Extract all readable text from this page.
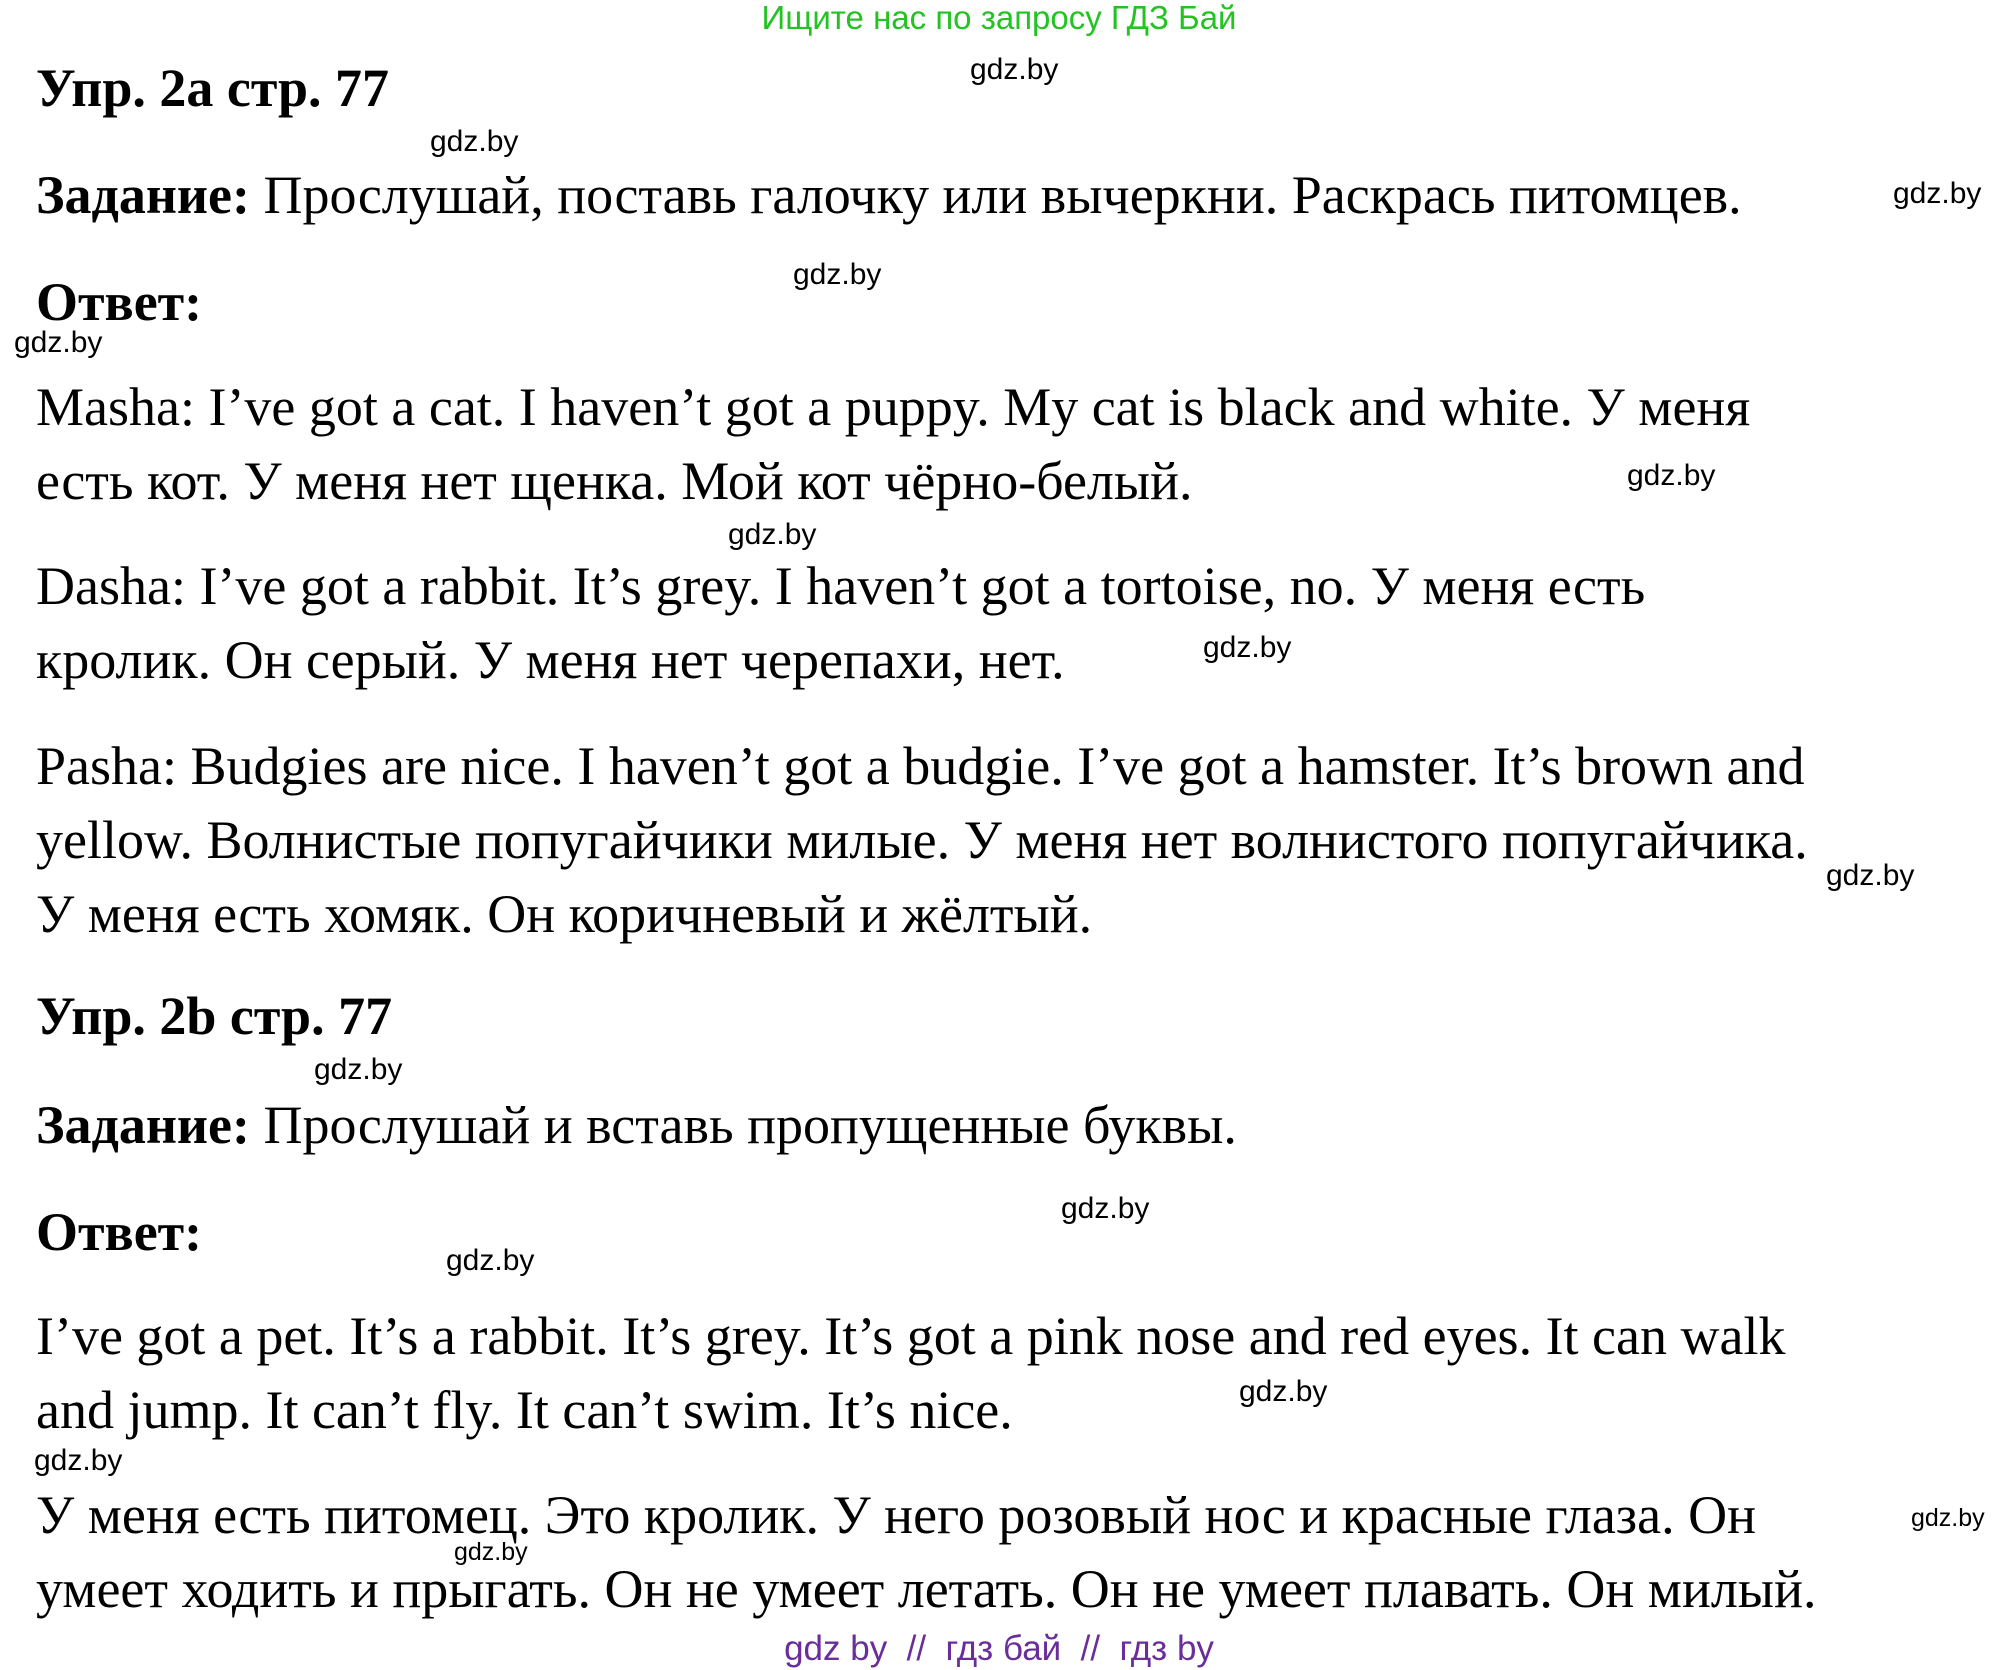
Ищите нас по запросу ГДЗ Бай
Упр. 2a стр. 77
Задание: Прослушай, поставь галочку или вычеркни. Раскрась питомцев.
Ответ:
Masha: I’ve got a cat. I haven’t got a puppy. My cat is black and white. У меня
есть кот. У меня нет щенка. Мой кот чёрно-белый.
Dasha: I’ve got a rabbit. It’s grey. I haven’t got a tortoise, no. У меня есть
кролик. Он серый. У меня нет черепахи, нет.
Pasha: Budgies are nice. I haven’t got a budgie. I’ve got a hamster. It’s brown and
yellow. Волнистые попугайчики милые. У меня нет волнистого попугайчика.
У меня есть хомяк. Он коричневый и жёлтый.
Упр. 2b стр. 77
Задание: Прослушай и вставь пропущенные буквы.
Ответ:
I’ve got a pet. It’s a rabbit. It’s grey. It’s got a pink nose and red eyes. It can walk
and jump. It can’t fly. It can’t swim. It’s nice.
У меня есть питомец. Это кролик. У него розовый нос и красные глаза. Он
умеет ходить и прыгать. Он не умеет летать. Он не умеет плавать. Он милый.
gdz.by
gdz.by
gdz.by
gdz.by
gdz.by
gdz.by
gdz.by
gdz.by
gdz.by
gdz.by
gdz.by
gdz.by
gdz.by
gdz.by
gdz.by
gdz.by
gdz by  //  гдз бай  //  гдз by
